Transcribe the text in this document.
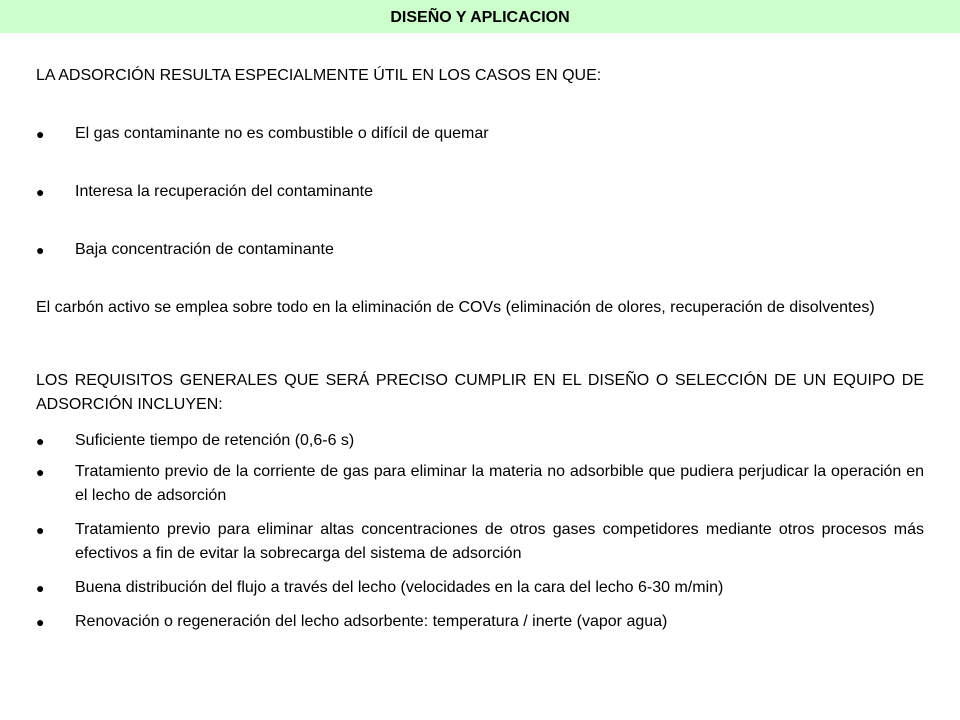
DISEÑO Y APLICACION

LA ADSORCIÓN RESULTA ESPECIALMENTE ÚTIL EN LOS CASOS EN QUE:

●	El gas contaminante no es combustible o difícil de quemar
●	Interesa la recuperación del contaminante
●	Baja concentración de contaminante

El carbón activo se emplea sobre todo en la eliminación de COVs (eliminación de olores, recuperación de disolventes)

LOS REQUISITOS GENERALES QUE SERÁ PRECISO CUMPLIR EN EL DISEÑO O SELECCIÓN DE UN EQUIPO DE ADSORCIÓN INCLUYEN:

●	Suficiente tiempo de retención (0,6-6 s)
●	Tratamiento previo de la corriente de gas para eliminar la materia no adsorbible que pudiera perjudicar la operación en el lecho de adsorción
●	Tratamiento previo para eliminar altas concentraciones de otros gases competidores mediante otros procesos más efectivos a fin de evitar la sobrecarga del sistema de adsorción
●	Buena distribución del flujo a través del lecho (velocidades en la cara del lecho 6-30 m/min)
●	Renovación o regeneración del lecho adsorbente: temperatura / inerte (vapor agua)
